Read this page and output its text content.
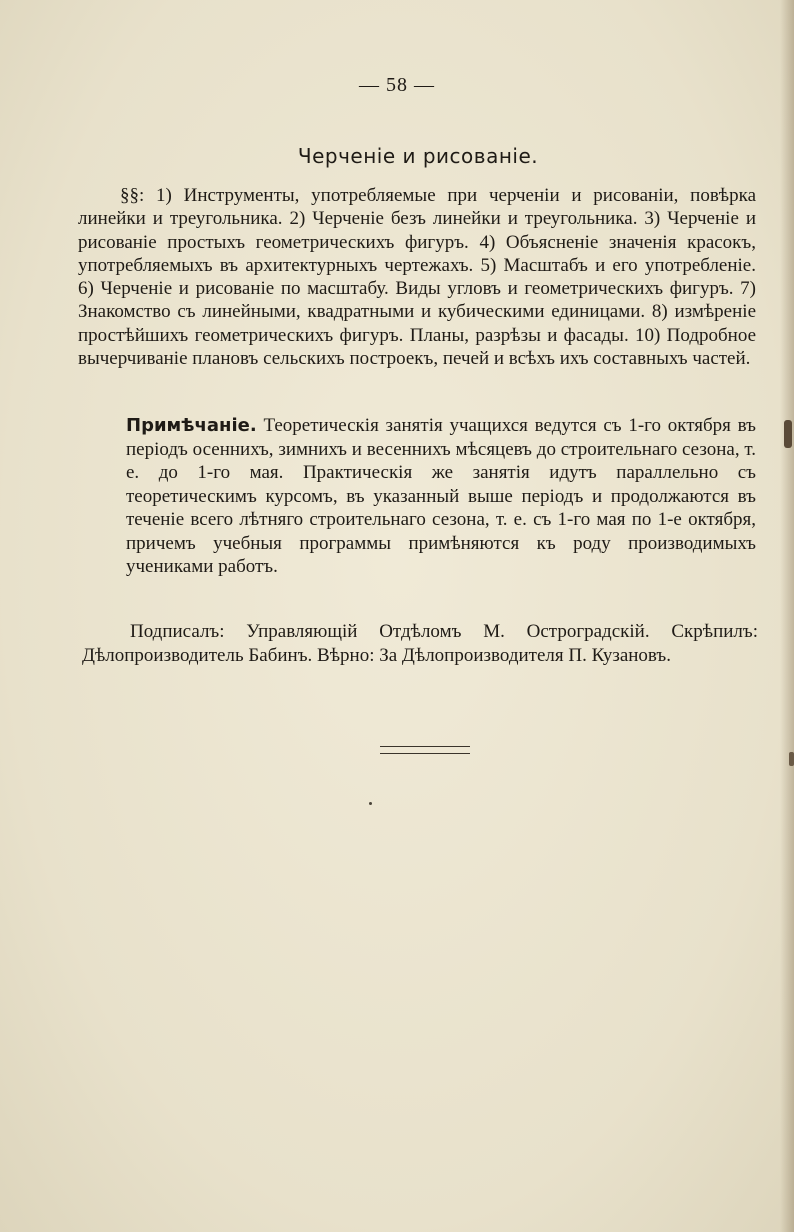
— 58 —
Черченіе и рисованіе.

§§: 1) Инструменты, употребляемые при черченіи и рисованіи, повѣрка линейки и треугольника. 2) Черченіе безъ линейки и треугольника. 3) Черченіе и рисованіе простыхъ геометрическихъ фигуръ. 4) Объясненіе значенія красокъ, употребляемыхъ въ архитектурныхъ чертежахъ. 5) Масштабъ и его употребленіе. 6) Черченіе и рисованіе по масштабу. Виды угловъ и геометрическихъ фигуръ. 7) Знакомство съ линейными, квадратными и кубическими единицами. 8) измѣреніе простѣйшихъ геометрическихъ фигуръ. Планы, разрѣзы и фасады. 10) Подробное вычерчиваніе плановъ сельскихъ построекъ, печей и всѣхъ ихъ составныхъ частей.

Примѣчаніе. Теоретическія занятія учащихся ведутся съ 1-го октября въ періодъ осеннихъ, зимнихъ и весеннихъ мѣсяцевъ до строительнаго сезона, т. е. до 1-го мая. Практическія же занятія идутъ параллельно съ теоретическимъ курсомъ, въ указанный выше періодъ и продолжаются въ теченіе всего лѣтняго строительнаго сезона, т. е. съ 1-го мая по 1-е октября, причемъ учебныя программы примѣняются къ роду производимыхъ учениками работъ.

Подписалъ: Управляющій Отдѣломъ М. Остроградскій. Скрѣпилъ: Дѣлопроизводитель Бабинъ. Вѣрно: За Дѣлопроизводителя П. Кузановъ.
